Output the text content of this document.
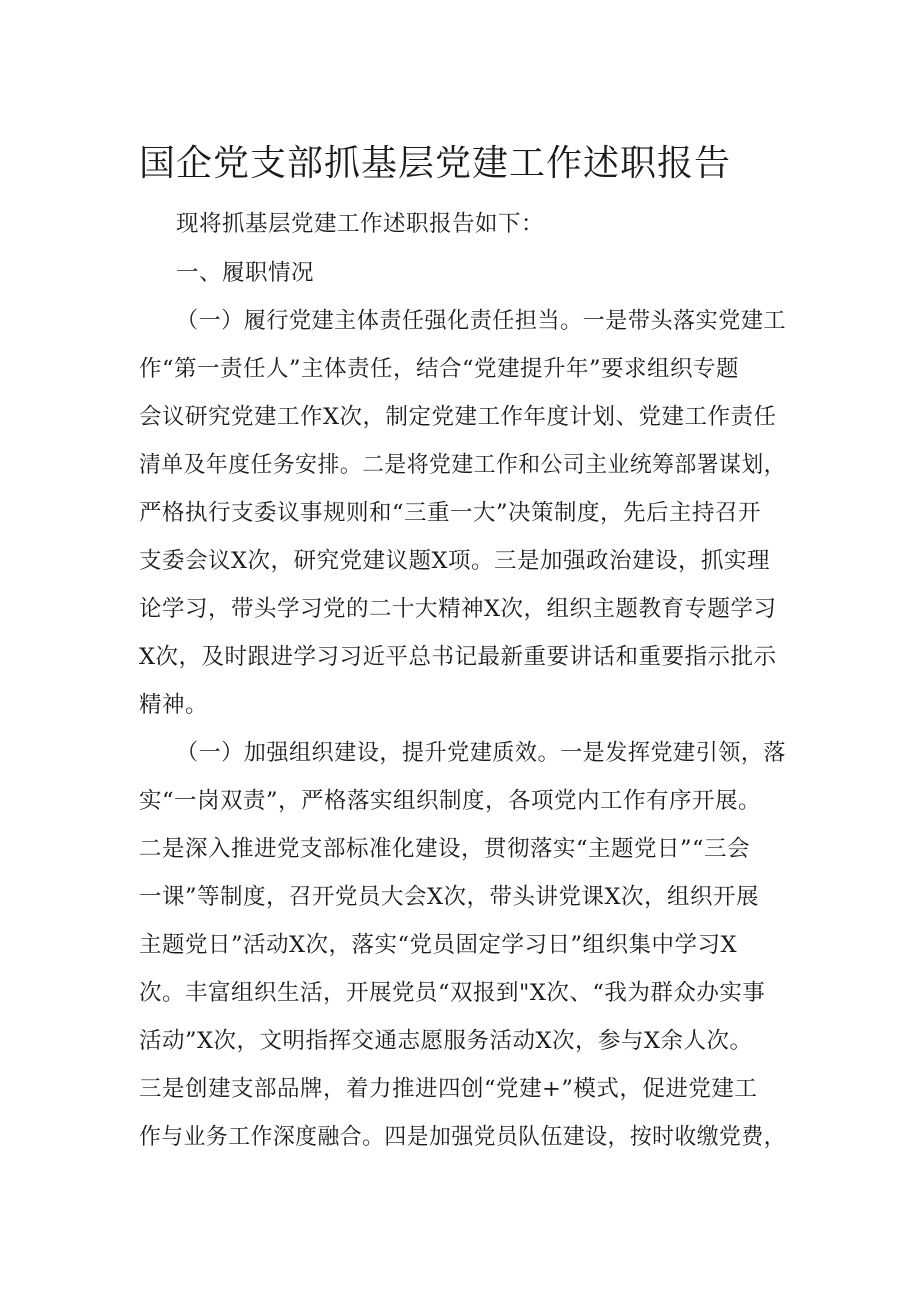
国企党支部抓基层党建工作述职报告
现将抓基层党建工作述职报告如下：
一、履职情况
（一）履行党建主体责任强化责任担当。一是带头落实党建工
作“第一责任人”主体责任，结合“党建提升年”要求组织专题
会议研究党建工作X次，制定党建工作年度计划、党建工作责任
清单及年度任务安排。二是将党建工作和公司主业统筹部署谋划，
严格执行支委议事规则和“三重一大”决策制度，先后主持召开
支委会议X次，研究党建议题X项。三是加强政治建设，抓实理
论学习，带头学习党的二十大精神X次，组织主题教育专题学习
X次，及时跟进学习习近平总书记最新重要讲话和重要指示批示
精神。
（一）加强组织建设，提升党建质效。一是发挥党建引领，落
实“一岗双责”，严格落实组织制度，各项党内工作有序开展。
二是深入推进党支部标准化建设，贯彻落实“主题党日”“三会
一课”等制度，召开党员大会X次，带头讲党课X次，组织开展
主题党日”活动X次，落实“党员固定学习日”组织集中学习X
次。丰富组织生活，开展党员“双报到"X次、“我为群众办实事
活动”X次，文明指挥交通志愿服务活动X次，参与X余人次。
三是创建支部品牌，着力推进四创“党建+”模式，促进党建工
作与业务工作深度融合。四是加强党员队伍建设，按时收缴党费，
